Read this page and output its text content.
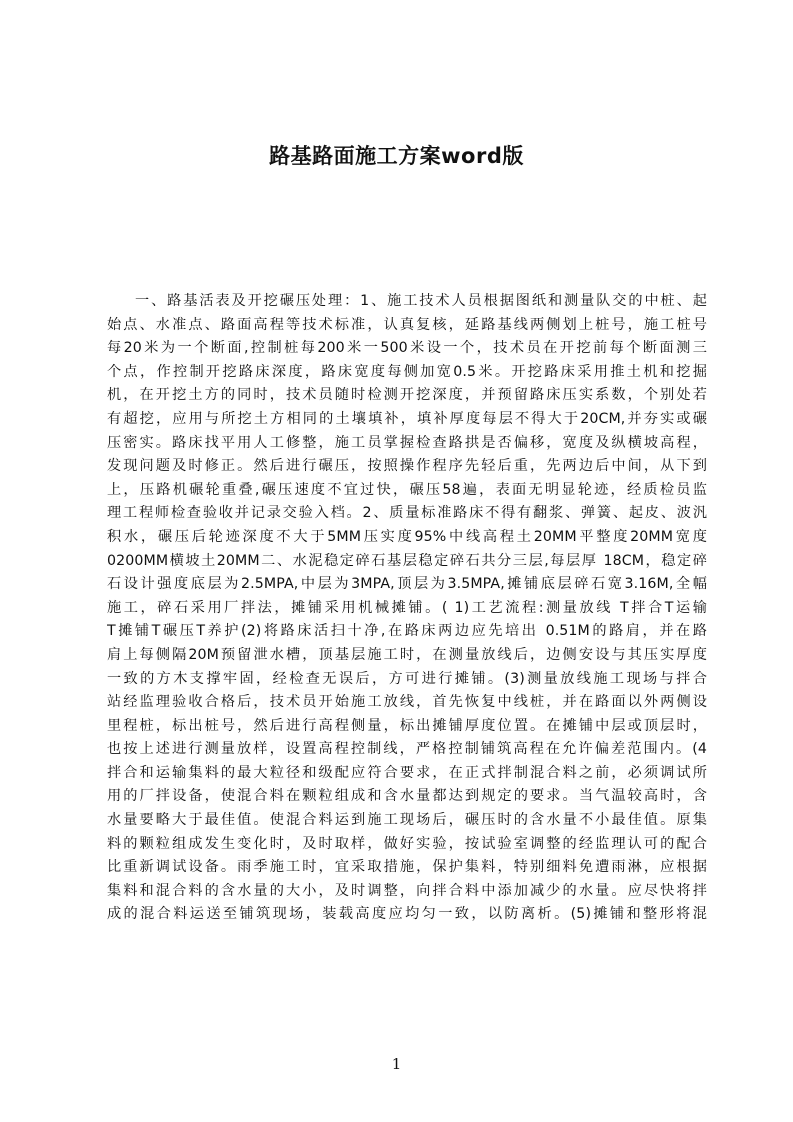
路基路面施工方案word版
一、路基活表及开挖碾压处理：1、施工技术人员根据图纸和测量队交的中桩、起
始点、水准点、路面高程等技术标准，认真复核，延路基线两侧划上桩号，施工桩号
每20米为一个断面,控制桩每200米一500米设一个，技术员在开挖前每个断面测三
个点，作控制开挖路床深度，路床宽度每侧加宽0.5米。开挖路床采用推土机和挖掘
机，在开挖土方的同时，技术员随时检测开挖深度，并预留路床压实系数，个别处若
有超挖，应用与所挖土方相同的土壤填补，填补厚度每层不得大于20CM,并夯实或碾
压密实。路床找平用人工修整，施工员掌握检查路拱是否偏移，宽度及纵横坡高程，
发现问题及时修正。然后进行碾压，按照操作程序先轻后重，先两边后中间，从下到
上，压路机碾轮重叠,碾压速度不宜过快，碾压58遍，表面无明显轮迹，经质检员监
理工程师检查验收并记录交验入档。2、质量标准路床不得有翻浆、弹簧、起皮、波汎
积水，碾压后轮迹深度不大于5MM压实度95%中线高程土20MM平整度20MM宽度
0200MM横坡土20MM二、水泥稳定碎石基层稳定碎石共分三层,每层厚 18CM，稳定碎
石设计强度底层为2.5MPA,中层为3MPA,顶层为3.5MPA,摊铺底层碎石宽3.16M,全幅
施工，碎石采用厂拌法，摊铺采用机械摊铺。( 1)工艺流程:测量放线 T拌合T运输
T摊铺T碾压T养护(2)将路床活扫十净,在路床两边应先培出 0.51M的路肩，并在路
肩上每侧隔20M预留泄水槽，顶基层施工时，在测量放线后，边侧安设与其压实厚度
一致的方木支撑牢固，经检查无误后，方可进行摊铺。(3)测量放线施工现场与拌合
站经监理验收合格后，技术员开始施工放线，首先恢复中线桩，并在路面以外两侧设
里程桩，标出桩号，然后进行高程侧量，标出摊铺厚度位置。在摊铺中层或顶层时，
也按上述进行测量放样，设置高程控制线，严格控制铺筑高程在允许偏差范围内。(4
拌合和运输集料的最大粒径和级配应符合要求，在正式拌制混合料之前，必须调试所
用的厂拌设备，使混合料在颗粒组成和含水量都达到规定的要求。当气温较高时，含
水量要略大于最佳值。使混合料运到施工现场后，碾压时的含水量不小最佳值。原集
料的颗粒组成发生变化时，及时取样，做好实验，按试验室调整的经监理认可的配合
比重新调试设备。雨季施工时，宜采取措施，保护集料，特别细料免遭雨淋，应根据
集料和混合料的含水量的大小，及时调整，向拌合料中添加减少的水量。应尽快将拌
成的混合料运送至铺筑现场，装载高度应均匀一致，以防离析。(5)摊铺和整形将混
1
